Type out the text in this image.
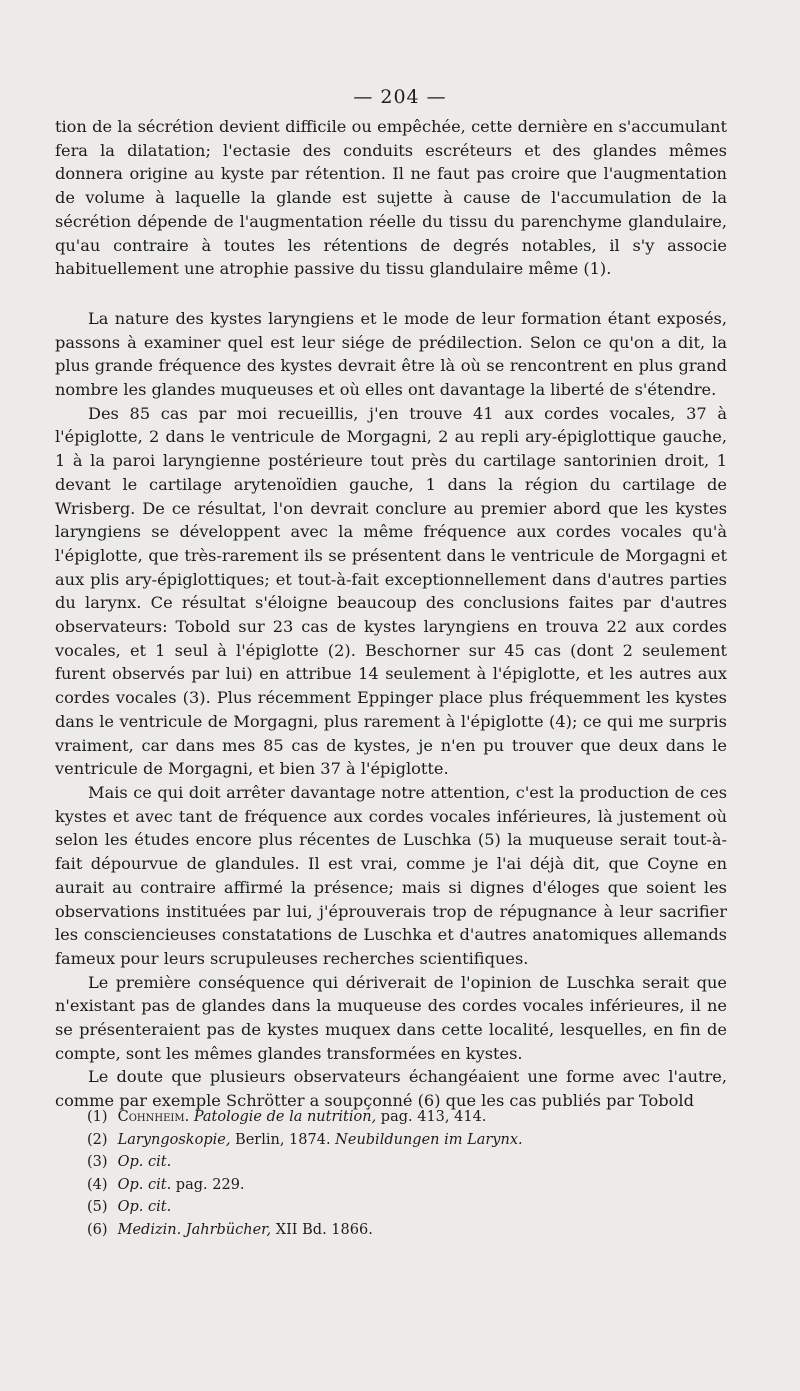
— 204 —

tion de la sécrétion devient difficile ou empêchée, cette dernière en s'accumulant fera la dilatation; l'ectasie des conduits escréteurs et des glandes mêmes donnera origine au kyste par rétention. Il ne faut pas croire que l'augmentation de volume à laquelle la glande est sujette à cause de l'accumulation de la sécrétion dépende de l'augmentation réelle du tissu du parenchyme glandulaire, qu'au contraire à toutes les rétentions de degrés notables, il s'y associe habituellement une atrophie passive du tissu glandulaire même (1).

La nature des kystes laryngiens et le mode de leur formation étant exposés, passons à examiner quel est leur siége de prédilection. Selon ce qu'on a dit, la plus grande fréquence des kystes devrait être là où se rencontrent en plus grand nombre les glandes muqueuses et où elles ont davantage la liberté de s'étendre.

Des 85 cas par moi recueillis, j'en trouve 41 aux cordes vocales, 37 à l'épiglotte, 2 dans le ventricule de Morgagni, 2 au repli ary-épiglottique gauche, 1 à la paroi laryngienne postérieure tout près du cartilage santorinien droit, 1 devant le cartilage arytenoïdien gauche, 1 dans la région du cartilage de Wrisberg. De ce résultat, l'on devrait conclure au premier abord que les kystes laryngiens se développent avec la même fréquence aux cordes vocales qu'à l'épiglotte, que très-rarement ils se présentent dans le ventricule de Morgagni et aux plis ary-épiglottiques; et tout-à-fait exceptionnellement dans d'autres parties du larynx. Ce résultat s'éloigne beaucoup des conclusions faites par d'autres observateurs: Tobold sur 23 cas de kystes laryngiens en trouva 22 aux cordes vocales, et 1 seul à l'épiglotte (2). Beschorner sur 45 cas (dont 2 seulement furent observés par lui) en attribue 14 seulement à l'épiglotte, et les autres aux cordes vocales (3). Plus récemment Eppinger place plus fréquemment les kystes dans le ventricule de Morgagni, plus rarement à l'épiglotte (4); ce qui me surpris vraiment, car dans mes 85 cas de kystes, je n'en pu trouver que deux dans le ventricule de Morgagni, et bien 37 à l'épiglotte.

Mais ce qui doit arrêter davantage notre attention, c'est la production de ces kystes et avec tant de fréquence aux cordes vocales inférieures, là justement où selon les études encore plus récentes de Luschka (5) la muqueuse serait tout-à-fait dépourvue de glandules. Il est vrai, comme je l'ai déjà dit, que Coyne en aurait au contraire affirmé la présence; mais si dignes d'éloges que soient les observations instituées par lui, j'éprouverais trop de répugnance à leur sacrifier les consciencieuses constatations de Luschka et d'autres anatomiques allemands fameux pour leurs scrupuleuses recherches scientifiques.

Le première conséquence qui dériverait de l'opinion de Luschka serait que n'existant pas de glandes dans la muqueuse des cordes vocales inférieures, il ne se présenteraient pas de kystes muquex dans cette localité, lesquelles, en fin de compte, sont les mêmes glandes transformées en kystes.

Le doute que plusieurs observateurs échangéaient une forme avec l'autre, comme par exemple Schrötter a soupçonné (6) que les cas publiés par Tobold

(1) Cohnheim. Patologie de la nutrition, pag. 413, 414.
(2) Laryngoskopie, Berlin, 1874. Neubildungen im Larynx.
(3) Op. cit.
(4) Op. cit. pag. 229.
(5) Op. cit.
(6) Medizin. Jahrbücher, XII Bd. 1866.
